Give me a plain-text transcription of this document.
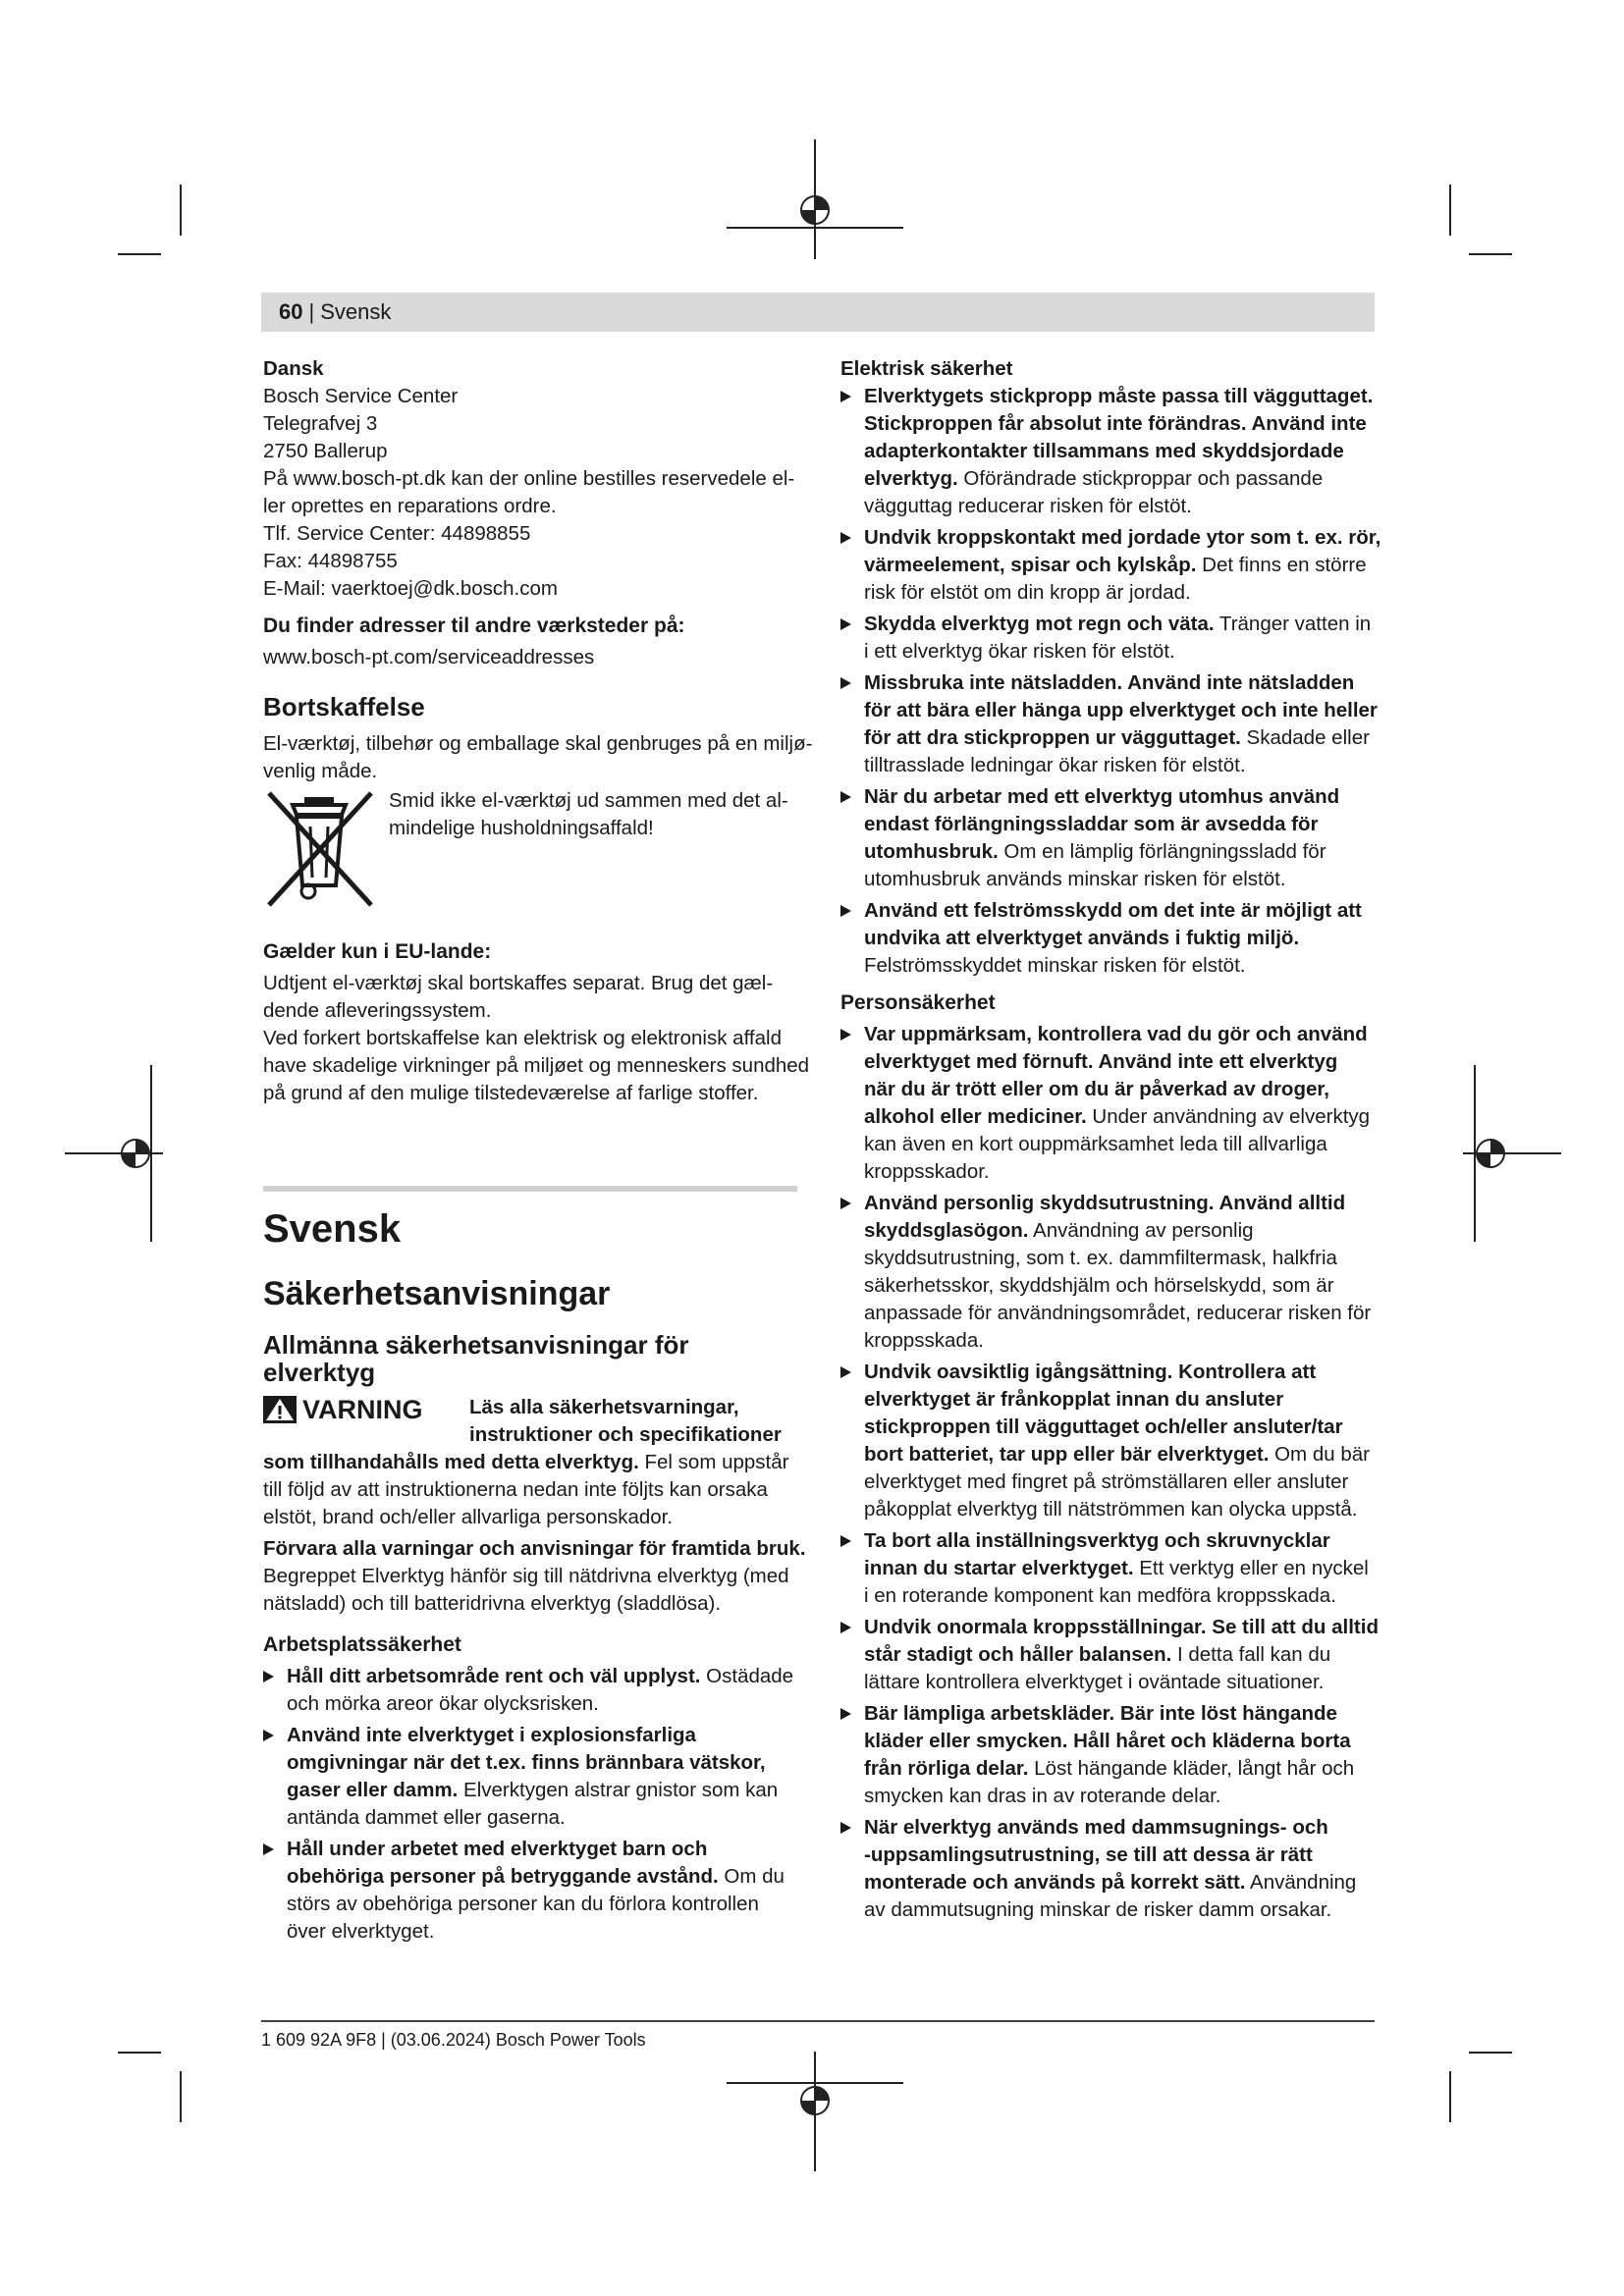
60 | Svensk
Dansk
Bosch Service Center
Telegrafvej 3
2750 Ballerup
På www.bosch-pt.dk kan der online bestilles reservedele el-
ler oprettes en reparations ordre.
Tlf. Service Center: 44898855
Fax: 44898755
E-Mail: vaerktoej@dk.bosch.com
Du finder adresser til andre værksteder på:
www.bosch-pt.com/serviceaddresses
Bortskaffelse
El-værktøj, tilbehør og emballage skal genbruges på en miljø-
venlig måde.
Smid ikke el-værktøj ud sammen med det al-
mindelige husholdningsaffald!
Gælder kun i EU-lande:
Udtjent el-værktøj skal bortskaffes separat. Brug det gæl-
dende afleveringssystem.
Ved forkert bortskaffelse kan elektrisk og elektronisk affald
have skadelige virkninger på miljøet og menneskers sundhed
på grund af den mulige tilstedeværelse af farlige stoffer.
Svensk
Säkerhetsanvisningar
Allmänna säkerhetsanvisningar för elverktyg
VARNING Läs alla säkerhetsvarningar,
instruktioner och specifikationer
som tillhandahålls med detta elverktyg. Fel som uppstår
till följd av att instruktionerna nedan inte följts kan orsaka
elstöt, brand och/eller allvarliga personskador.
Förvara alla varningar och anvisningar för framtida bruk.
Begreppet Elverktyg hänför sig till nätdrivna elverktyg (med
nätsladd) och till batteridrivna elverktyg (sladdlösa).
Arbetsplatssäkerhet
Håll ditt arbetsområde rent och väl upplyst. Ostädade
och mörka areor ökar olycksrisken.
Använd inte elverktyget i explosionsfarliga
omgivningar när det t.ex. finns brännbara vätskor,
gaser eller damm. Elverktygen alstrar gnistor som kan
antända dammet eller gaserna.
Håll under arbetet med elverktyget barn och
obehöriga personer på betryggande avstånd. Om du
störs av obehöriga personer kan du förlora kontrollen
över elverktyget.
Elektrisk säkerhet
Elverktygets stickpropp måste passa till vägguttaget.
Stickproppen får absolut inte förändras. Använd inte
adapterkontakter tillsammans med skyddsjordade
elverktyg. Oförändrade stickproppar och passande
vägguttag reducerar risken för elstöt.
Undvik kroppskontakt med jordade ytor som t. ex. rör,
värmeelement, spisar och kylskåp. Det finns en större
risk för elstöt om din kropp är jordad.
Skydda elverktyg mot regn och väta. Tränger vatten in
i ett elverktyg ökar risken för elstöt.
Missbruka inte nätsladden. Använd inte nätsladden
för att bära eller hänga upp elverktyget och inte heller
för att dra stickproppen ur vägguttaget. Skadade eller
tilltrasslade ledningar ökar risken för elstöt.
När du arbetar med ett elverktyg utomhus använd
endast förlängningssladdar som är avsedda för
utomhusbruk. Om en lämplig förlängningssladd för
utomhusbruk används minskar risken för elstöt.
Använd ett felströmsskydd om det inte är möjligt att
undvika att elverktyget används i fuktig miljö.
Felströmsskyddet minskar risken för elstöt.
Personsäkerhet
Var uppmärksam, kontrollera vad du gör och använd
elverktyget med förnuft. Använd inte ett elverktyg
när du är trött eller om du är påverkad av droger,
alkohol eller mediciner. Under användning av elverktyg
kan även en kort ouppmärksamhet leda till allvarliga
kroppsskador.
Använd personlig skyddsutrustning. Använd alltid
skyddsglasögon. Användning av personlig
skyddsutrustning, som t. ex. dammfiltermask, halkfria
säkerhetsskor, skyddshjälm och hörselskydd, som är
anpassade för användningsområdet, reducerar risken för
kroppsskada.
Undvik oavsiktlig igångsättning. Kontrollera att
elverktyget är frånkopplat innan du ansluter
stickproppen till vägguttaget och/eller ansluter/tar
bort batteriet, tar upp eller bär elverktyget. Om du bär
elverktyget med fingret på strömställaren eller ansluter
påkopplat elverktyg till nätströmmen kan olycka uppstå.
Ta bort alla inställningsverktyg och skruvnycklar
innan du startar elverktyget. Ett verktyg eller en nyckel
i en roterande komponent kan medföra kroppsskada.
Undvik onormala kroppsställningar. Se till att du alltid
står stadigt och håller balansen. I detta fall kan du
lättare kontrollera elverktyget i oväntade situationer.
Bär lämpliga arbetskläder. Bär inte löst hängande
kläder eller smycken. Håll håret och kläderna borta
från rörliga delar. Löst hängande kläder, långt hår och
smycken kan dras in av roterande delar.
När elverktyg används med dammsugnings- och
-uppsamlingsutrustning, se till att dessa är rätt
monterade och används på korrekt sätt. Användning
av dammutsugning minskar de risker damm orsakar.
1 609 92A 9F8 | (03.06.2024) Bosch Power Tools
